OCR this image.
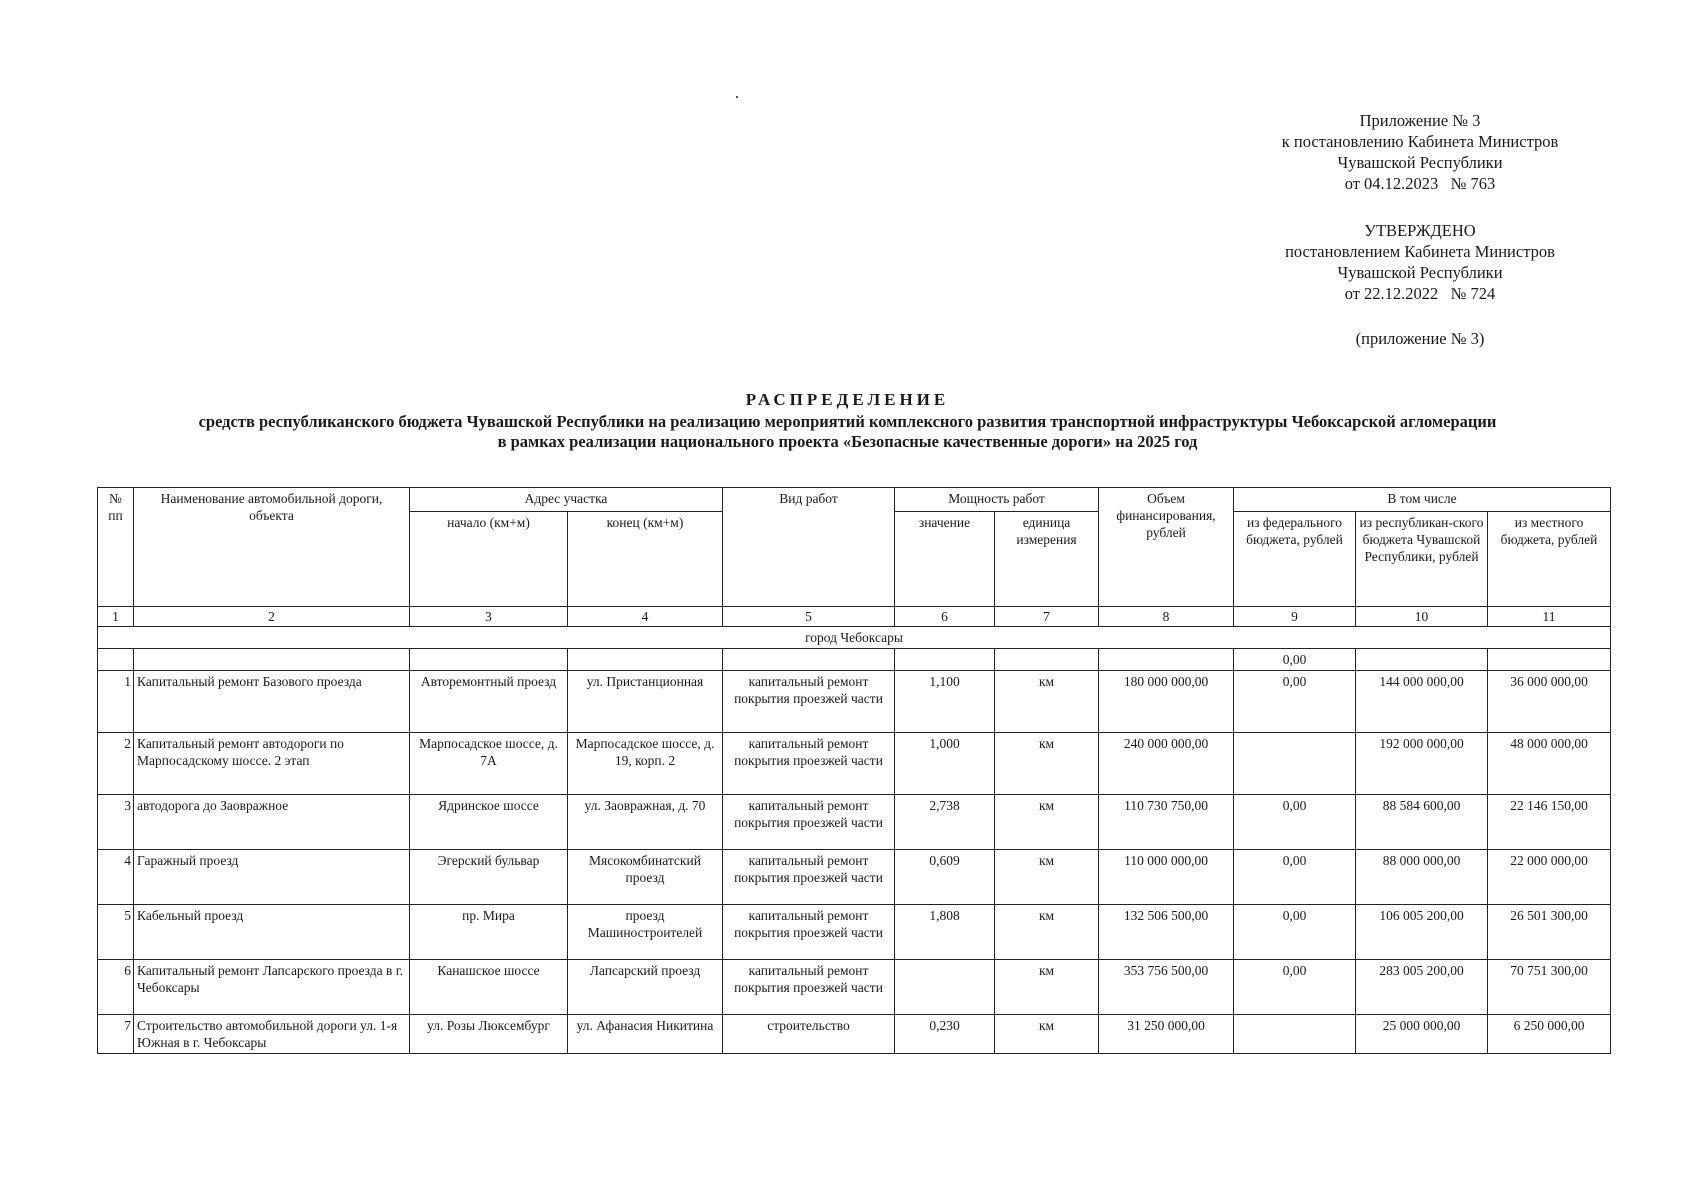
Приложение № 3
к постановлению Кабинета Министров
Чувашской Республики
от 04.12.2023   № 763
УТВЕРЖДЕНО
постановлением Кабинета Министров
Чувашской Республики
от 22.12.2022   № 724
(приложение № 3)
РАСПРЕДЕЛЕНИЕ
средств республиканского бюджета Чувашской Республики на реализацию мероприятий комплексного развития транспортной инфраструктуры Чебоксарской агломерации
в рамках реализации национального проекта «Безопасные качественные дороги» на 2025 год
№ пп	Наименование автомобильной дороги, объекта	Адрес участка		Вид работ	Мощность работ		Объем финансирования, рублей	В том числе		
		начало (км+м)	конец (км+м)		значение	единица измерения		из федерального бюджета, рублей	из республикан-ского бюджета Чувашской Республики, рублей	из местного бюджета, рублей
1	2	3	4	5	6	7	8	9	10	11
город Чебоксары										
								0,00		
1	Капитальный ремонт Базового проезда	Авторемонтный проезд	ул. Пристанционная	капитальный ремонт покрытия проезжей части	1,100	км	180 000 000,00	0,00	144 000 000,00	36 000 000,00
2	Капитальный ремонт автодороги по Марпосадскому шоссе. 2 этап	Марпосадское шоссе, д. 7А	Марпосадское шоссе, д. 19, корп. 2	капитальный ремонт покрытия проезжей части	1,000	км	240 000 000,00		192 000 000,00	48 000 000,00
3	автодорога до Заовражное	Ядринское шоссе	ул. Заовражная, д. 70	капитальный ремонт покрытия проезжей части	2,738	км	110 730 750,00	0,00	88 584 600,00	22 146 150,00
4	Гаражный проезд	Эгерский бульвар	Мясокомбинатский проезд	капитальный ремонт покрытия проезжей части	0,609	км	110 000 000,00	0,00	88 000 000,00	22 000 000,00
5	Кабельный проезд	пр. Мира	проезд Машиностроителей	капитальный ремонт покрытия проезжей части	1,808	км	132 506 500,00	0,00	106 005 200,00	26 501 300,00
6	Капитальный ремонт Лапсарского проезда в г. Чебоксары	Канашское шоссе	Лапсарский проезд	капитальный ремонт покрытия проезжей части		км	353 756 500,00	0,00	283 005 200,00	70 751 300,00
7	Строительство автомобильной дороги ул. 1-я Южная в г. Чебоксары	ул. Розы Люксембург	ул. Афанасия Никитина	строительство	0,230	км	31 250 000,00		25 000 000,00	6 250 000,00
